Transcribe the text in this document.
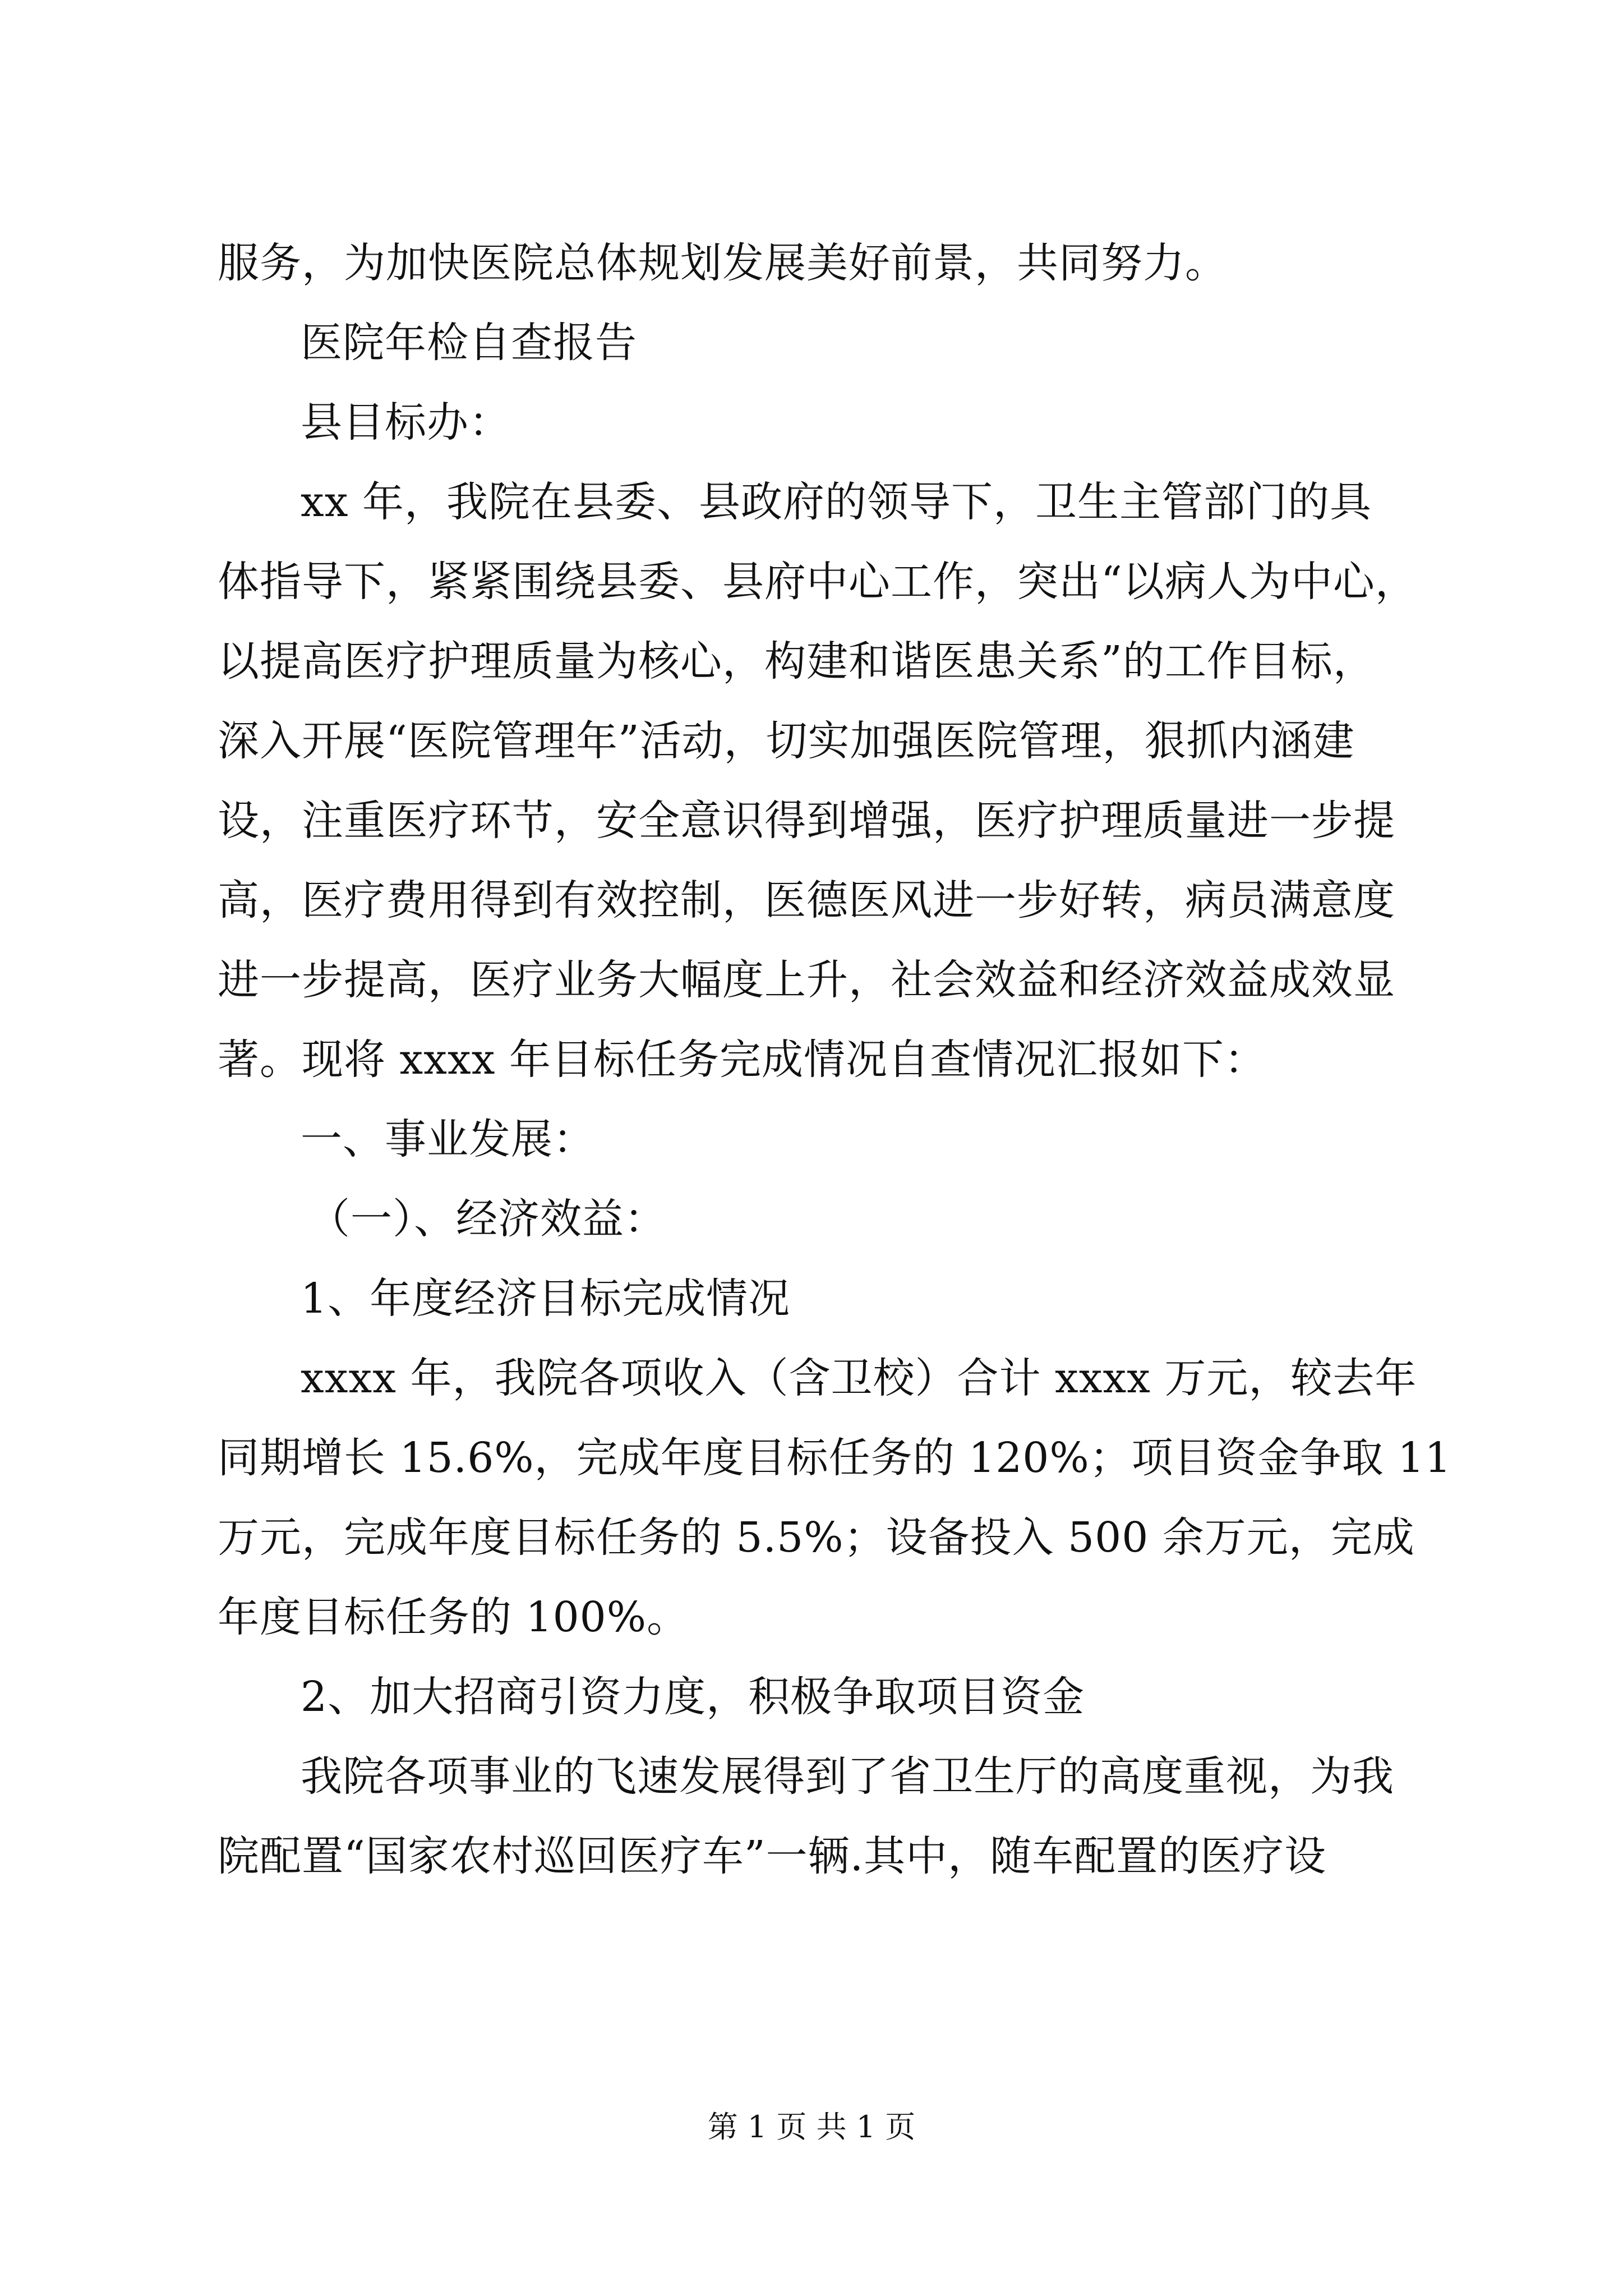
服务，为加快医院总体规划发展美好前景，共同努力。
医院年检自查报告
县目标办：
xx 年，我院在县委、县政府的领导下，卫生主管部门的具
体指导下，紧紧围绕县委、县府中心工作，突出“以病人为中心，
以提高医疗护理质量为核心，构建和谐医患关系”的工作目标，
深入开展“医院管理年”活动，切实加强医院管理，狠抓内涵建
设，注重医疗环节，安全意识得到增强，医疗护理质量进一步提
高，医疗费用得到有效控制，医德医风进一步好转，病员满意度
进一步提高，医疗业务大幅度上升，社会效益和经济效益成效显
著。现将 xxxx 年目标任务完成情况自查情况汇报如下：
一、事业发展：
（一）、经济效益：
1、年度经济目标完成情况
xxxx 年，我院各项收入（含卫校）合计 xxxx 万元，较去年
同期增长 15.6%，完成年度目标任务的 120%；项目资金争取 11
万元，完成年度目标任务的 5.5%；设备投入 500 余万元，完成
年度目标任务的 100%。
2、加大招商引资力度，积极争取项目资金
我院各项事业的飞速发展得到了省卫生厅的高度重视，为我
院配置“国家农村巡回医疗车”一辆.其中，随车配置的医疗设
第 1 页 共 1 页
